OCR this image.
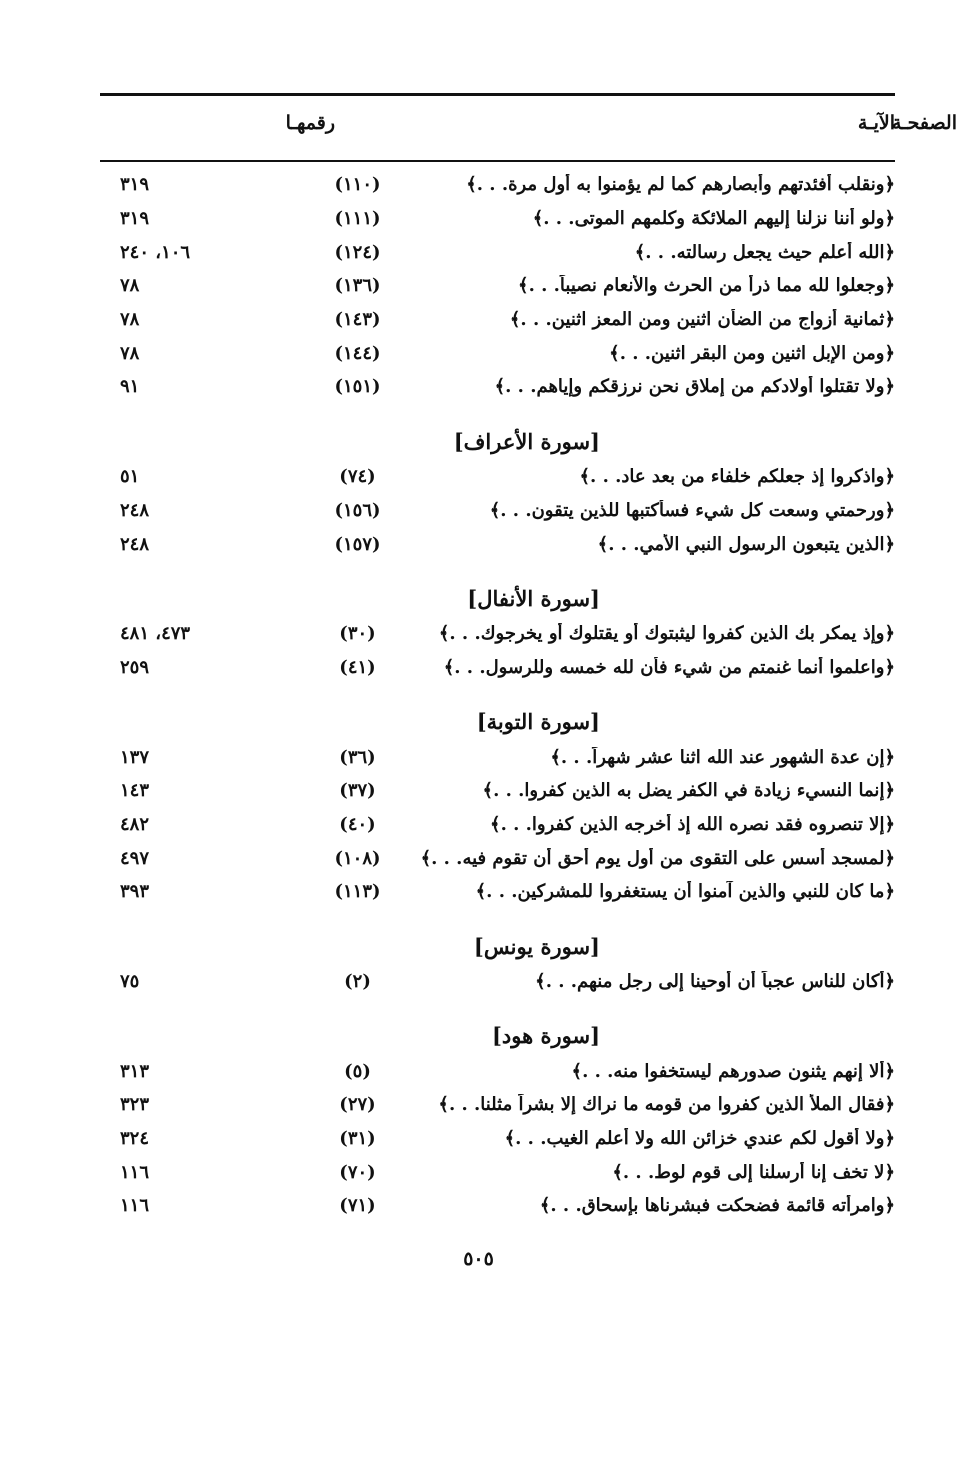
الآيـة
رقمهـا	الصفحـة
﴿ونقلب أفئدتهم وأبصارهم كما لم يؤمنوا به أول مرة. . .﴾
(١١٠)
٣١٩
﴿ولو أننا نزلنا إليهم الملائكة وكلمهم الموتى. . .﴾
(١١١)
٣١٩
﴿الله أعلم حيث يجعل رسالته. . .﴾
(١٢٤)
١٠٦، ٢٤٠
﴿وجعلوا لله مما ذرأ من الحرث والأنعام نصيباً. . .﴾
(١٣٦)
٧٨
﴿ثمانية أزواج من الضأن اثنين ومن المعز اثنين. . .﴾
(١٤٣)
٧٨
﴿ومن الإبل اثنين ومن البقر اثنين. . .﴾
(١٤٤)
٧٨
﴿ولا تقتلوا أولادكم من إملاق نحن نرزقكم وإياهم. . .﴾
(١٥١)
٩١
[سورة الأعراف]
﴿واذكروا إذ جعلكم خلفاء من بعد عاد. . .﴾
(٧٤)
٥١
﴿ورحمتي وسعت كل شيء فسأكتبها للذين يتقون. . .﴾
(١٥٦)
٢٤٨
﴿الذين يتبعون الرسول النبي الأمي. . .﴾
(١٥٧)
٢٤٨
[سورة الأنفال]
﴿وإذ يمكر بك الذين كفروا ليثبتوك أو يقتلوك أو يخرجوك. . .﴾
(٣٠)
٤٧٣، ٤٨١
﴿واعلموا أنما غنمتم من شيء فأن لله خمسه وللرسول. . .﴾
(٤١)
٢٥٩
[سورة التوبة]
﴿إن عدة الشهور عند الله اثنا عشر شهراً. . .﴾
(٣٦)
١٣٧
﴿إنما النسيء زيادة في الكفر يضل به الذين كفروا. . .﴾
(٣٧)
١٤٣
﴿إلا تنصروه فقد نصره الله إذ أخرجه الذين كفروا. . .﴾
(٤٠)
٤٨٢
﴿لمسجد أسس على التقوى من أول يوم أحق أن تقوم فيه. . .﴾
(١٠٨)
٤٩٧
﴿ما كان للنبي والذين آمنوا أن يستغفروا للمشركين. . .﴾
(١١٣)
٣٩٣
[سورة يونس]
﴿أكان للناس عجباً أن أوحينا إلى رجل منهم. . .﴾
(٢)
٧٥
[سورة هود]
﴿ألا إنهم يثنون صدورهم ليستخفوا منه. . .﴾
(٥)
٣١٣
﴿فقال الملأ الذين كفروا من قومه ما نراك إلا بشراً مثلنا. . .﴾
(٢٧)
٣٢٣
﴿ولا أقول لكم عندي خزائن الله ولا أعلم الغيب. . .﴾
(٣١)
٣٢٤
﴿لا تخف إنا أرسلنا إلى قوم لوط. . .﴾
(٧٠)
١١٦
﴿وامرأته قائمة فضحكت فبشرناها بإسحاق. . .﴾
(٧١)
١١٦
٥٠٥
